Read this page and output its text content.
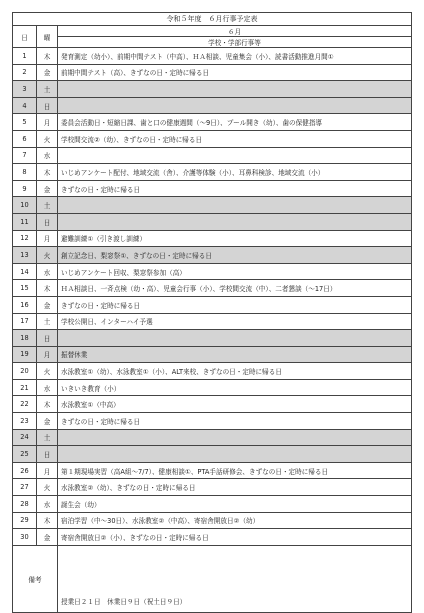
令和５年度　６月行事予定表		
日	曜	６月
		学校・学部行事等
1	木	発育測定（幼小）、前期中間テスト（中高）、ＨＡ相談、児童集会（小）、読書活動推進月間①
2	金	前期中間テスト（高）、きずなの日・定時に帰る日
3	土	
4	日	
5	月	委員会活動日・短縮日課、歯と口の健康週間（～9日）、プール開き（幼）、歯の保健指導
6	火	学校間交流②（幼）、きずなの日・定時に帰る日
7	水	
8	木	いじめアンケート配付、地域交流（舎）、介護等体験（小）、耳鼻科検診、地域交流（小）
9	金	きずなの日・定時に帰る日
10	土	
11	日	
12	月	避難訓練①（引き渡し訓練）
13	火	創立記念日、梨窓祭①、きずなの日・定時に帰る日
14	水	いじめアンケート回収、梨窓祭参加（高）
15	木	ＨＡ相談日、一斉点検（幼・高）、児童会行事（小）、学校間交流（中）、二者懇談（～17日）
16	金	きずなの日・定時に帰る日
17	土	学校公開日、インターハイ予選
18	日	
19	月	振替休業
20	火	水泳教室①（幼）、水泳教室①（小）、ALT来校、きずなの日・定時に帰る日
21	水	いきいき教育（小）
22	木	水泳教室①（中高）
23	金	きずなの日・定時に帰る日
24	土	
25	日	
26	月	第１期現場実習（高A組～7/7）、健康相談①、PTA手話研修会、きずなの日・定時に帰る日
27	火	水泳教室②（幼）、きずなの日・定時に帰る日
28	水	誕生会（幼）
29	木	宿泊学習（中～30日）、水泳教室②（中高）、寄宿舎開放日②（幼）
30	金	寄宿舎開放日②（小）、きずなの日・定時に帰る日
備考		授業日２１日　休業日９日（祝土日９日）
